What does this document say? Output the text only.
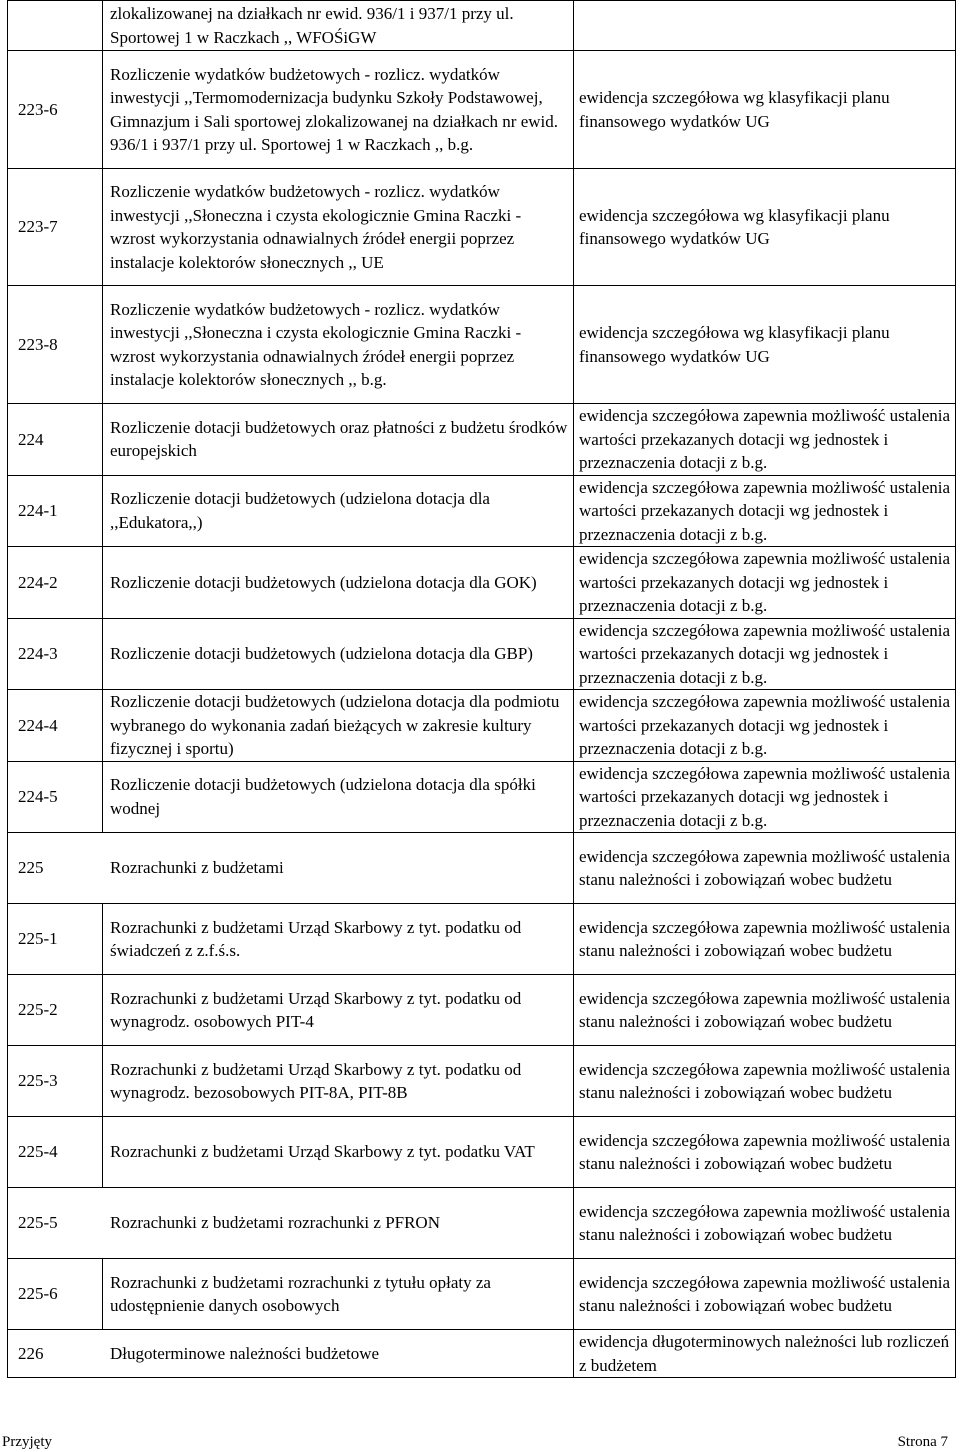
	zlokalizowanej na działkach nr ewid. 936/1 i 937/1 przy ul. Sportowej 1 w Raczkach ,, WFOŚiGW	
223-6	Rozliczenie wydatków budżetowych - rozlicz. wydatków inwestycji ,,Termomodernizacja budynku Szkoły Podstawowej, Gimnazjum i Sali sportowej zlokalizowanej na działkach nr ewid. 936/1 i 937/1 przy ul. Sportowej 1 w Raczkach ,, b.g.	ewidencja szczegółowa wg klasyfikacji planu finansowego wydatków UG
223-7	Rozliczenie wydatków budżetowych - rozlicz. wydatków inwestycji ,,Słoneczna i czysta ekologicznie Gmina Raczki - wzrost wykorzystania odnawialnych źródeł energii poprzez instalacje kolektorów słonecznych ,, UE	ewidencja szczegółowa wg klasyfikacji planu finansowego wydatków UG
223-8	Rozliczenie wydatków budżetowych - rozlicz. wydatków inwestycji ,,Słoneczna i czysta ekologicznie Gmina Raczki - wzrost wykorzystania odnawialnych źródeł energii poprzez instalacje kolektorów słonecznych ,, b.g.	ewidencja szczegółowa wg klasyfikacji planu finansowego wydatków UG
224	Rozliczenie dotacji budżetowych oraz płatności z budżetu środków europejskich	ewidencja szczegółowa zapewnia możliwość ustalenia wartości przekazanych dotacji wg jednostek i przeznaczenia dotacji z b.g.
224-1	Rozliczenie dotacji budżetowych (udzielona dotacja dla ,,Edukatora,,)	ewidencja szczegółowa zapewnia możliwość ustalenia wartości przekazanych dotacji wg jednostek i przeznaczenia dotacji z b.g.
224-2	Rozliczenie dotacji budżetowych (udzielona dotacja dla GOK)	ewidencja szczegółowa zapewnia możliwość ustalenia wartości przekazanych dotacji wg jednostek i przeznaczenia dotacji z b.g.
224-3	Rozliczenie dotacji budżetowych (udzielona dotacja dla GBP)	ewidencja szczegółowa zapewnia możliwość ustalenia wartości przekazanych dotacji wg jednostek i przeznaczenia dotacji z b.g.
224-4	Rozliczenie dotacji budżetowych (udzielona dotacja dla podmiotu wybranego do wykonania zadań bieżących w zakresie kultury fizycznej i sportu)	ewidencja szczegółowa zapewnia możliwość ustalenia wartości przekazanych dotacji wg jednostek i przeznaczenia dotacji z b.g.
224-5	Rozliczenie dotacji budżetowych (udzielona dotacja dla spółki wodnej	ewidencja szczegółowa zapewnia możliwość ustalenia wartości przekazanych dotacji wg jednostek i przeznaczenia dotacji z b.g.
225 Rozrachunki z budżetami		ewidencja szczegółowa zapewnia możliwość ustalenia stanu należności i zobowiązań wobec budżetu
225-1	Rozrachunki z budżetami Urząd Skarbowy z tyt. podatku od świadczeń z z.f.ś.s.	ewidencja szczegółowa zapewnia możliwość ustalenia stanu należności i zobowiązań wobec budżetu
225-2	Rozrachunki z budżetami Urząd Skarbowy z tyt. podatku od wynagrodz. osobowych PIT-4	ewidencja szczegółowa zapewnia możliwość ustalenia stanu należności i zobowiązań wobec budżetu
225-3	Rozrachunki z budżetami Urząd Skarbowy z tyt. podatku od wynagrodz. bezosobowych PIT-8A, PIT-8B	ewidencja szczegółowa zapewnia możliwość ustalenia stanu należności i zobowiązań wobec budżetu
225-4	Rozrachunki z budżetami Urząd Skarbowy z tyt. podatku VAT	ewidencja szczegółowa zapewnia możliwość ustalenia stanu należności i zobowiązań wobec budżetu
225-5 Rozrachunki z budżetami rozrachunki z PFRON		ewidencja szczegółowa zapewnia możliwość ustalenia stanu należności i zobowiązań wobec budżetu
225-6	Rozrachunki z budżetami rozrachunki z tytułu opłaty za udostępnienie danych osobowych	ewidencja szczegółowa zapewnia możliwość ustalenia stanu należności i zobowiązań wobec budżetu
226 Długoterminowe należności budżetowe		ewidencja długoterminowych należności lub rozliczeń z budżetem
Przyjęty	Strona 7
